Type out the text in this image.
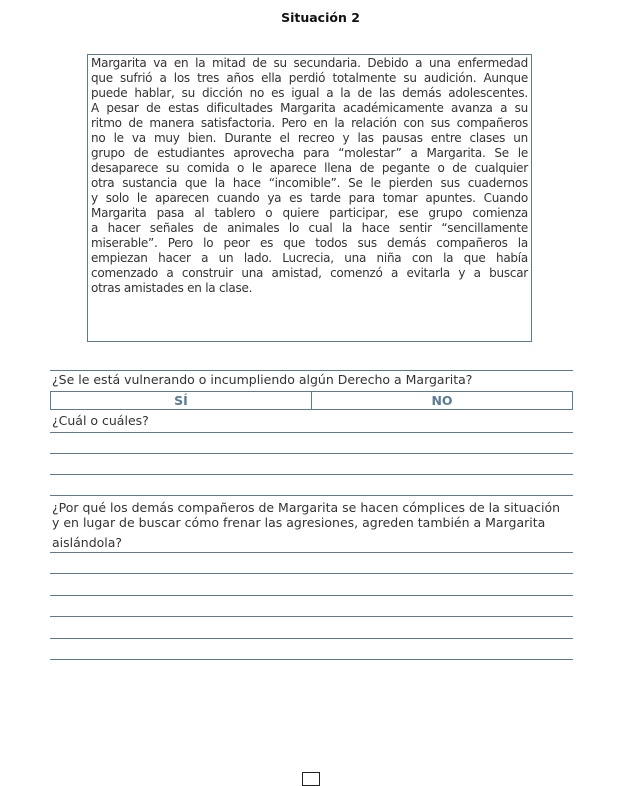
Situación 2
Margarita va en la mitad de su secundaria. Debido a una enfermedad
que sufrió a los tres años ella perdió totalmente su audición. Aunque
puede hablar, su dicción no es igual a la de las demás adolescentes.
A pesar de estas dificultades Margarita académicamente avanza a su
ritmo de manera satisfactoria. Pero en la relación con sus compañeros
no le va muy bien. Durante el recreo y las pausas entre clases un
grupo de estudiantes aprovecha para “molestar” a Margarita. Se le
desaparece su comida o le aparece llena de pegante o de cualquier
otra sustancia que la hace “incomible”. Se le pierden sus cuadernos
y solo le aparecen cuando ya es tarde para tomar apuntes. Cuando
Margarita pasa al tablero o quiere participar, ese grupo comienza
a hacer señales de animales lo cual la hace sentir “sencillamente
miserable”. Pero lo peor es que todos sus demás compañeros la
empiezan hacer a un lado. Lucrecia, una niña con la que había
comenzado a construir una amistad, comenzó a evitarla y a buscar
otras amistades en la clase.
¿Se le está vulnerando o incumpliendo algún Derecho a Margarita?
SÍ	NO
¿Cuál o cuáles?
¿Por qué los demás compañeros de Margarita se hacen cómplices de la situación
y en lugar de buscar cómo frenar las agresiones, agreden también a Margarita
aislándola?
